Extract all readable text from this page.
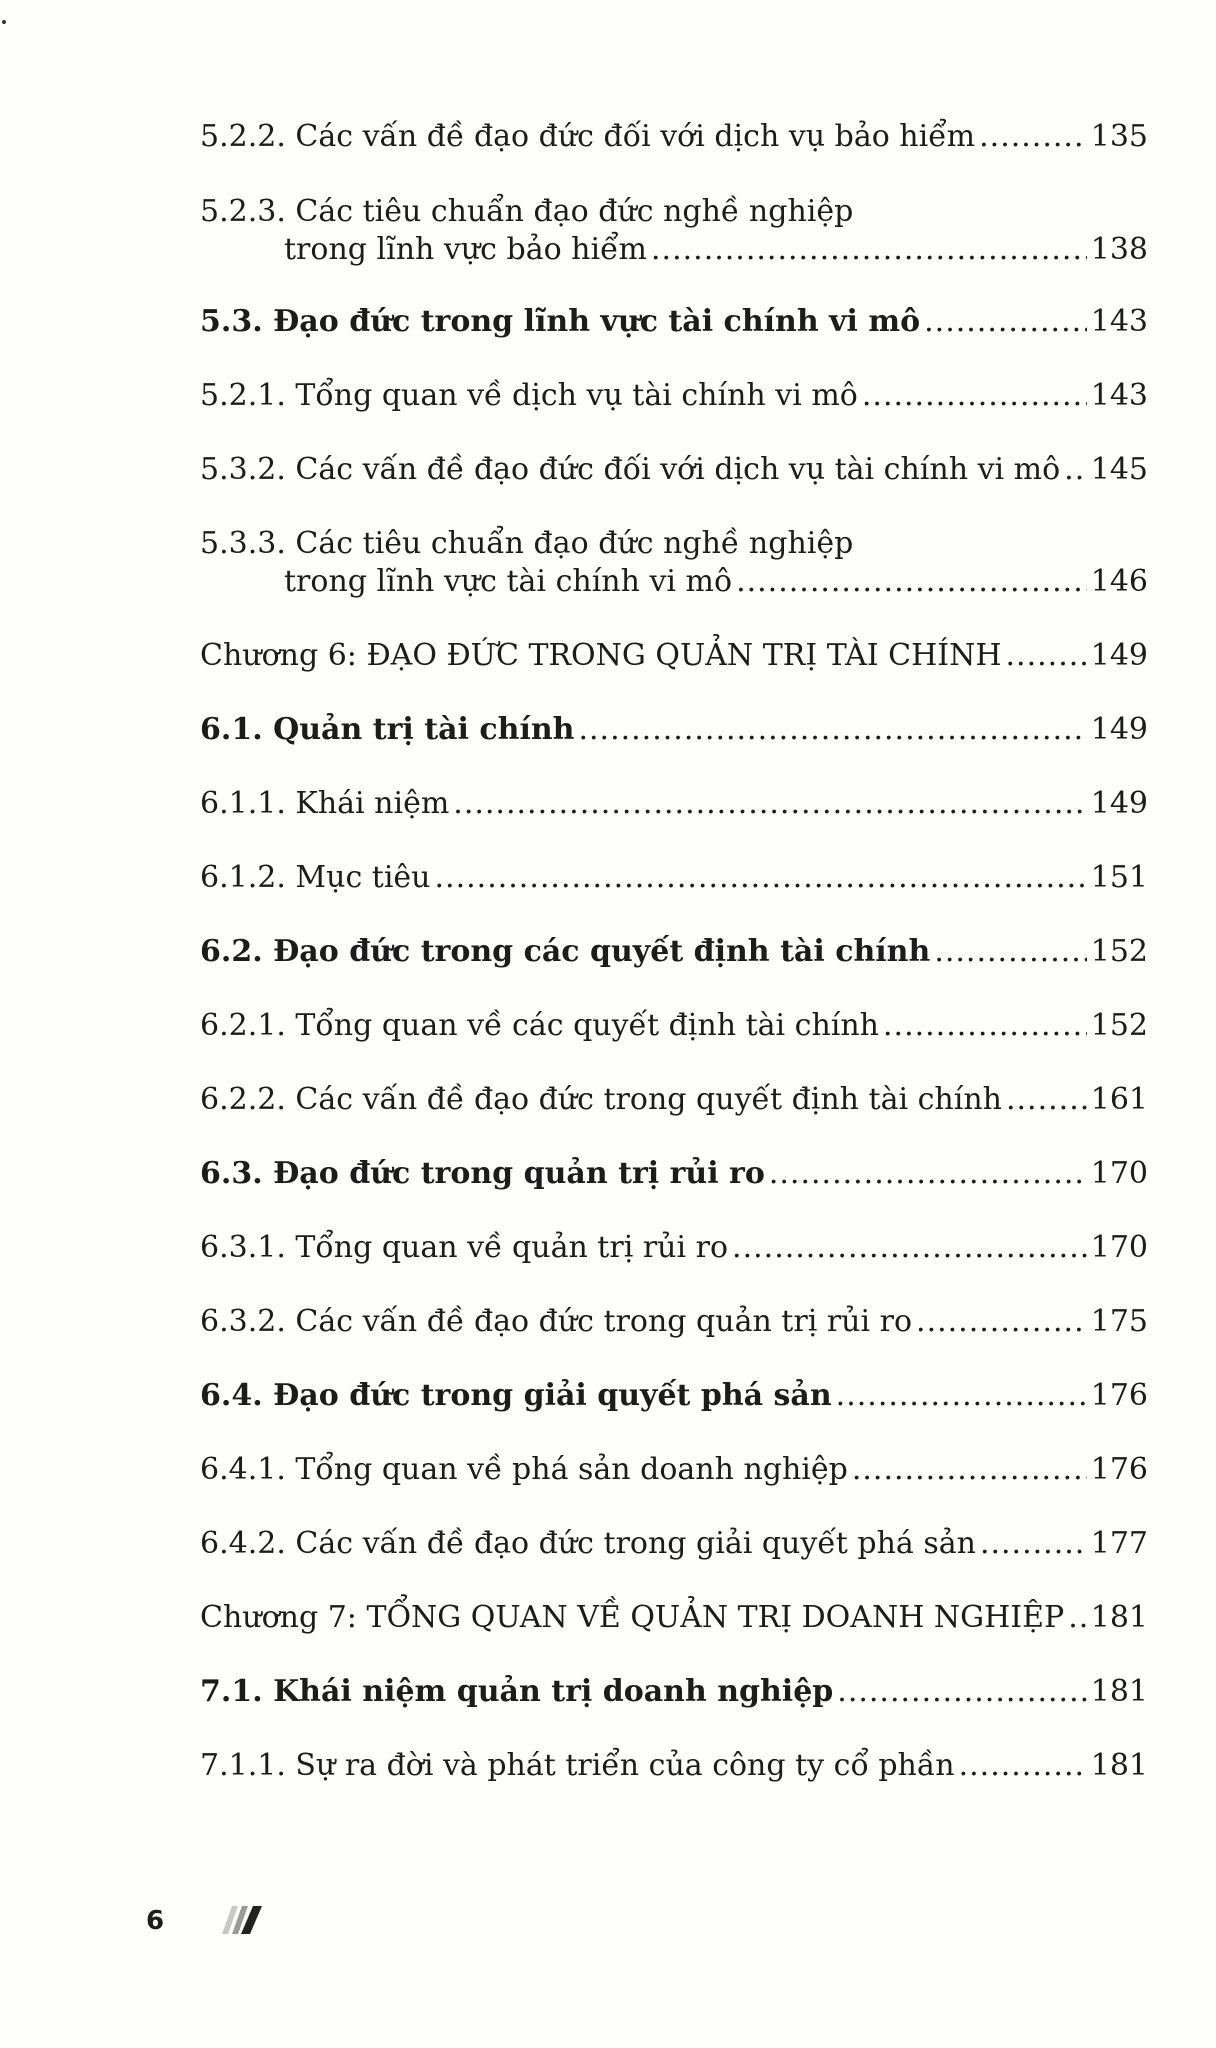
5.2.2. Các vấn đề đạo đức đối với dịch vụ bảo hiểm .....	135
5.2.3. Các tiêu chuẩn đạo đức nghề nghiệp
trong lĩnh vực bảo hiểm .....	138
5.3. Đạo đức trong lĩnh vực tài chính vi mô .....	143
5.2.1. Tổng quan về dịch vụ tài chính vi mô .....	143
5.3.2. Các vấn đề đạo đức đối với dịch vụ tài chính vi mô ..... 145
5.3.3. Các tiêu chuẩn đạo đức nghề nghiệp
trong lĩnh vực tài chính vi mô .....	146
Chương 6: ĐẠO ĐỨC TRONG QUẢN TRỊ TÀI CHÍNH .....	149
6.1. Quản trị tài chính .....	149
6.1.1. Khái niệm .....	149
6.1.2. Mục tiêu .....	151
6.2. Đạo đức trong các quyết định tài chính .....	152
6.2.1. Tổng quan về các quyết định tài chính .....	152
6.2.2. Các vấn đề đạo đức trong quyết định tài chính .....	161
6.3. Đạo đức trong quản trị rủi ro .....	170
6.3.1. Tổng quan về quản trị rủi ro .....	170
6.3.2. Các vấn đề đạo đức trong quản trị rủi ro .....	175
6.4. Đạo đức trong giải quyết phá sản .....	176
6.4.1. Tổng quan về phá sản doanh nghiệp .....	176
6.4.2. Các vấn đề đạo đức trong giải quyết phá sản .....	177
Chương 7: TỔNG QUAN VỀ QUẢN TRỊ DOANH NGHIỆP ..... 181
7.1. Khái niệm quản trị doanh nghiệp .....	181
7.1.1. Sự ra đời và phát triển của công ty cổ phần .....	181
6
